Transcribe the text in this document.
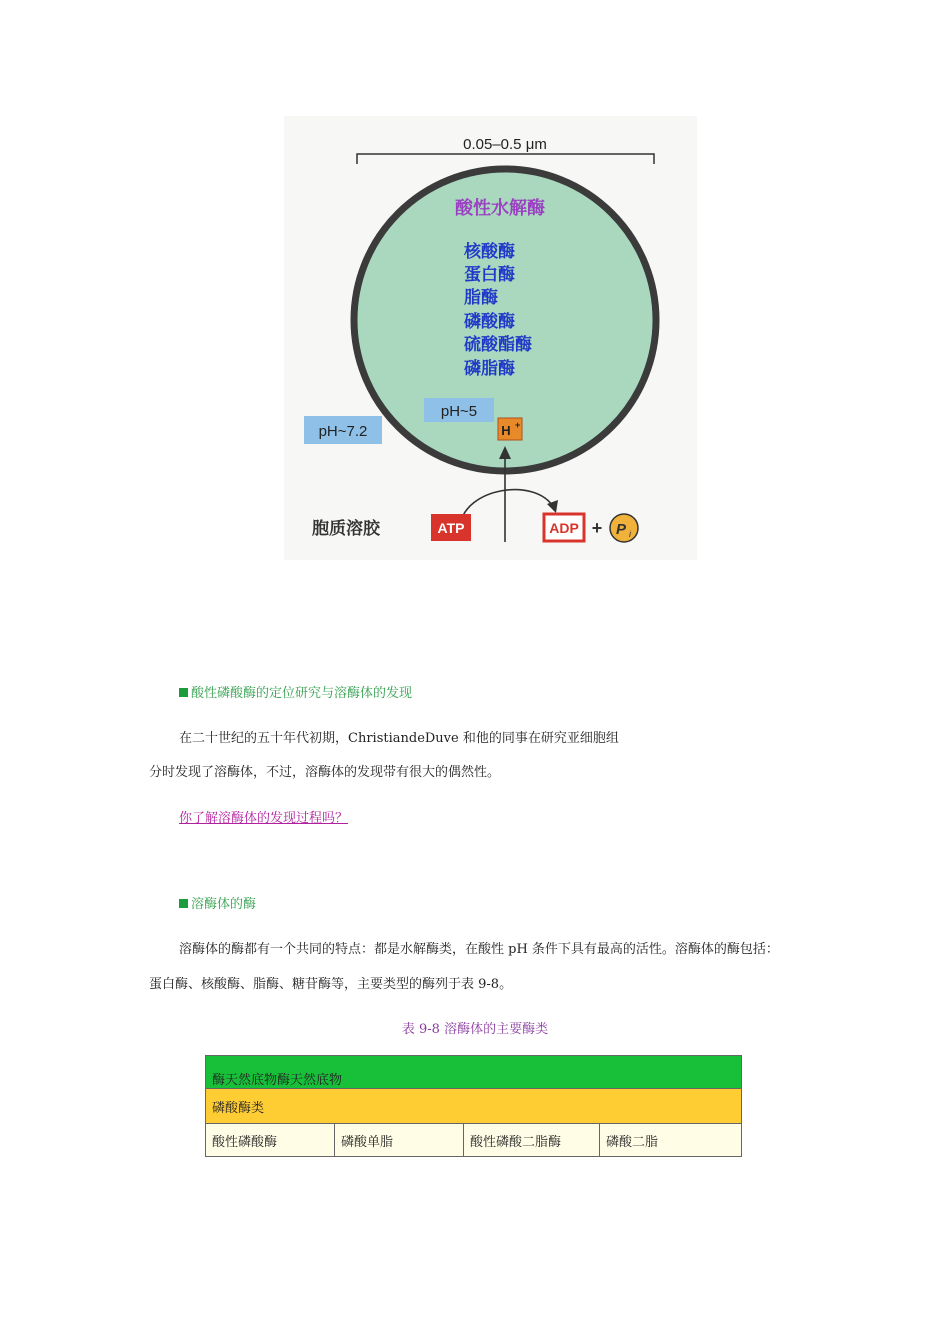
0.05–0.5 μm
酸性水解酶
核酸酶
蛋白酶
脂酶
磷酸酶
硫酸酯酶
磷脂酶
pH~5
pH~7.2	H +
胞质溶胶	ATP	ADP + P i
酸性磷酸酶的定位研究与溶酶体的发现
在二十世纪的五十年代初期，ChristiandeDuve 和他的同事在研究亚细胞组
分时发现了溶酶体，不过，溶酶体的发现带有很大的偶然性。
你了解溶酶体的发现过程吗？
溶酶体的酶
溶酶体的酶都有一个共同的特点：都是水解酶类，在酸性 pH 条件下具有最高的活性。溶酶体的酶包括：
蛋白酶、核酸酶、脂酶、糖苷酶等，主要类型的酶列于表 9-8。
表 9-8 溶酶体的主要酶类
酶天然底物酶天然底物
磷酸酶类
酸性磷酸酶	磷酸单脂	酸性磷酸二脂酶	磷酸二脂
